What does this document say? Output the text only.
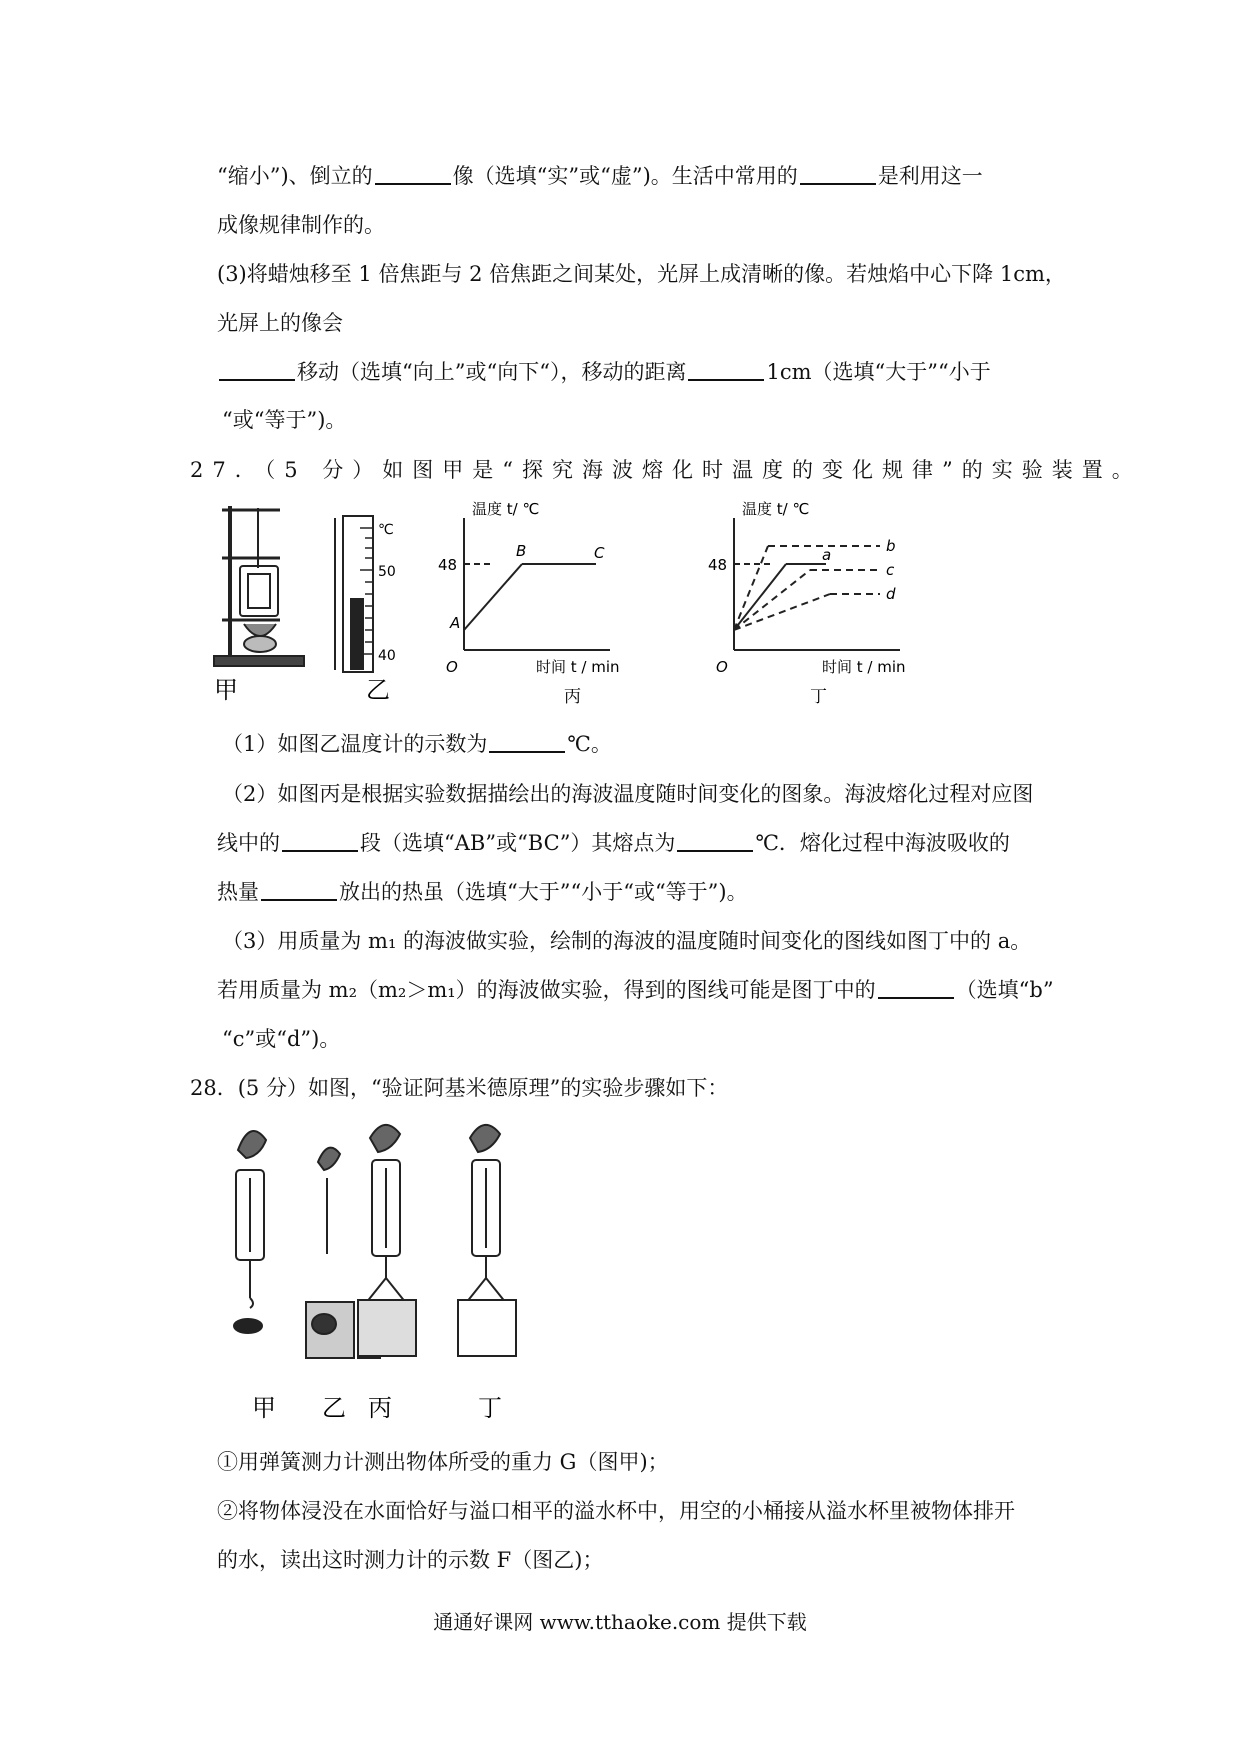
“缩小”)、倒立的	像（选填“实”或“虚”)。生活中常用的	是利用这一
成像规律制作的。
(3)将蜡烛移至 1 倍焦距与 2 倍焦距之间某处，光屏上成清晰的像。若烛焰中心下降 1cm，
光屏上的像会
移动（选填“向上”或“向下“），移动的距离	1cm（选填“大于”“小于
“或“等于”)。
27．（5 分）如图甲是“探究海波熔化时温度的变化规律”的实验装置。
℃
50
40
温度 t/ ℃
48
A
B	C
O	时间 t / min
温度 t/ ℃
48
a	b
c
d
O	时间 t / min
甲	乙	丙	丁
（1）如图乙温度计的示数为	℃。
（2）如图丙是根据实验数据描绘出的海波温度随时间变化的图象。海波熔化过程对应图
线中的	段（选填“AB”或“BC”）其熔点为	℃．熔化过程中海波吸收的
热量	放出的热虽（选填“大于”“小于“或“等于”)。
（3）用质量为 m₁ 的海波做实验，绘制的海波的温度随时间变化的图线如图丁中的 a。
若用质量为 m₂（m₂＞m₁）的海波做实验，得到的图线可能是图丁中的	（选填“b”
“c”或“d”)。
28．(5 分）如图，“验证阿基米德原理”的实验步骤如下：
甲 乙 丙	丁
①用弹簧测力计测出物体所受的重力 G（图甲)；
②将物体浸没在水面恰好与溢口相平的溢水杯中，用空的小桶接从溢水杯里被物体排开
的水，读出这时测力计的示数 F（图乙)；
通通好课网 www.tthaoke.com 提供下载
